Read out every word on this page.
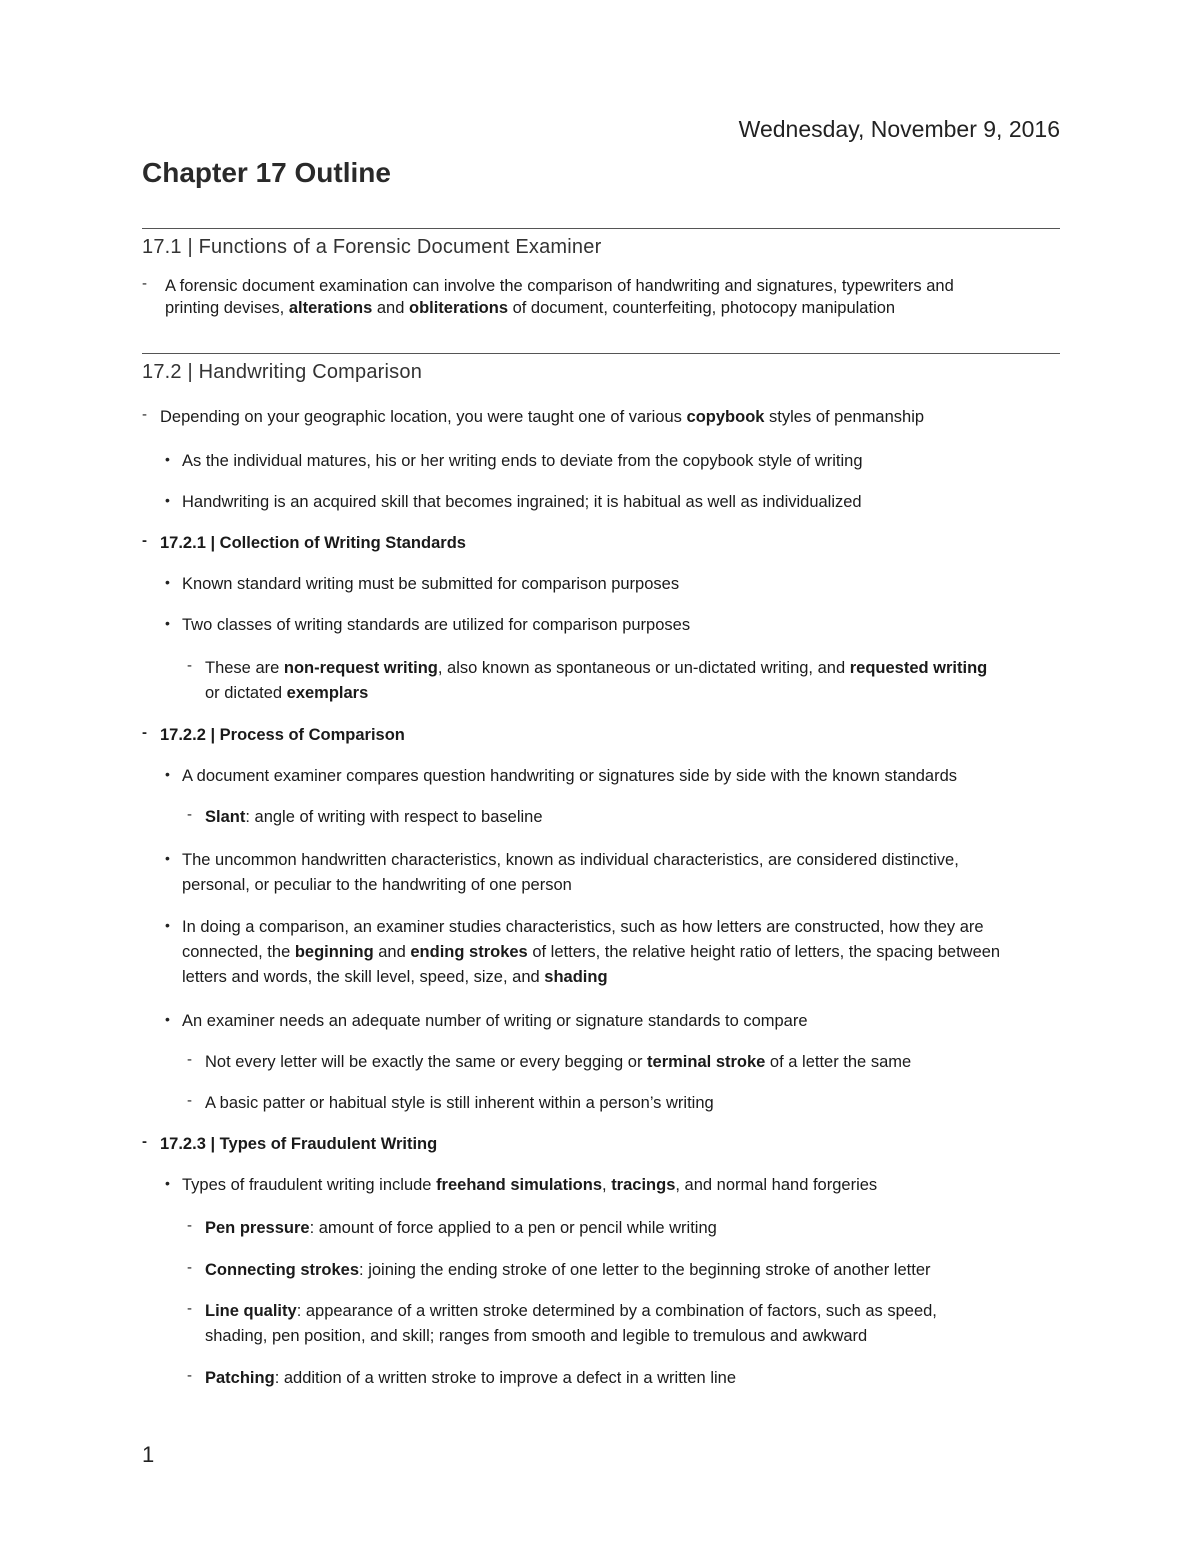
Wednesday, November 9, 2016
Chapter 17 Outline
17.1 | Functions of a Forensic Document Examiner
‐ A forensic document examination can involve the comparison of handwriting and signatures, typewriters and
printing devises, alterations and obliterations of document, counterfeiting, photocopy manipulation
17.2 | Handwriting Comparison
‐ Depending on your geographic location, you were taught one of various copybook styles of penmanship
• As the individual matures, his or her writing ends to deviate from the copybook style of writing
• Handwriting is an acquired skill that becomes ingrained; it is habitual as well as individualized
‐ 17.2.1 | Collection of Writing Standards
• Known standard writing must be submitted for comparison purposes
• Two classes of writing standards are utilized for comparison purposes
‐ These are non-request writing, also known as spontaneous or un-dictated writing, and requested writing
or dictated exemplars
‐ 17.2.2 | Process of Comparison
• A document examiner compares question handwriting or signatures side by side with the known standards
‐ Slant: angle of writing with respect to baseline
• The uncommon handwritten characteristics, known as individual characteristics, are considered distinctive,
personal, or peculiar to the handwriting of one person
• In doing a comparison, an examiner studies characteristics, such as how letters are constructed, how they are
connected, the beginning and ending strokes of letters, the relative height ratio of letters, the spacing between
letters and words, the skill level, speed, size, and shading
• An examiner needs an adequate number of writing or signature standards to compare
‐ Not every letter will be exactly the same or every begging or terminal stroke of a letter the same
‐ A basic patter or habitual style is still inherent within a person’s writing
‐ 17.2.3 | Types of Fraudulent Writing
• Types of fraudulent writing include freehand simulations, tracings, and normal hand forgeries
‐ Pen pressure: amount of force applied to a pen or pencil while writing
‐ Connecting strokes: joining the ending stroke of one letter to the beginning stroke of another letter
‐ Line quality: appearance of a written stroke determined by a combination of factors, such as speed,
shading, pen position, and skill; ranges from smooth and legible to tremulous and awkward
‐ Patching: addition of a written stroke to improve a defect in a written line
1
